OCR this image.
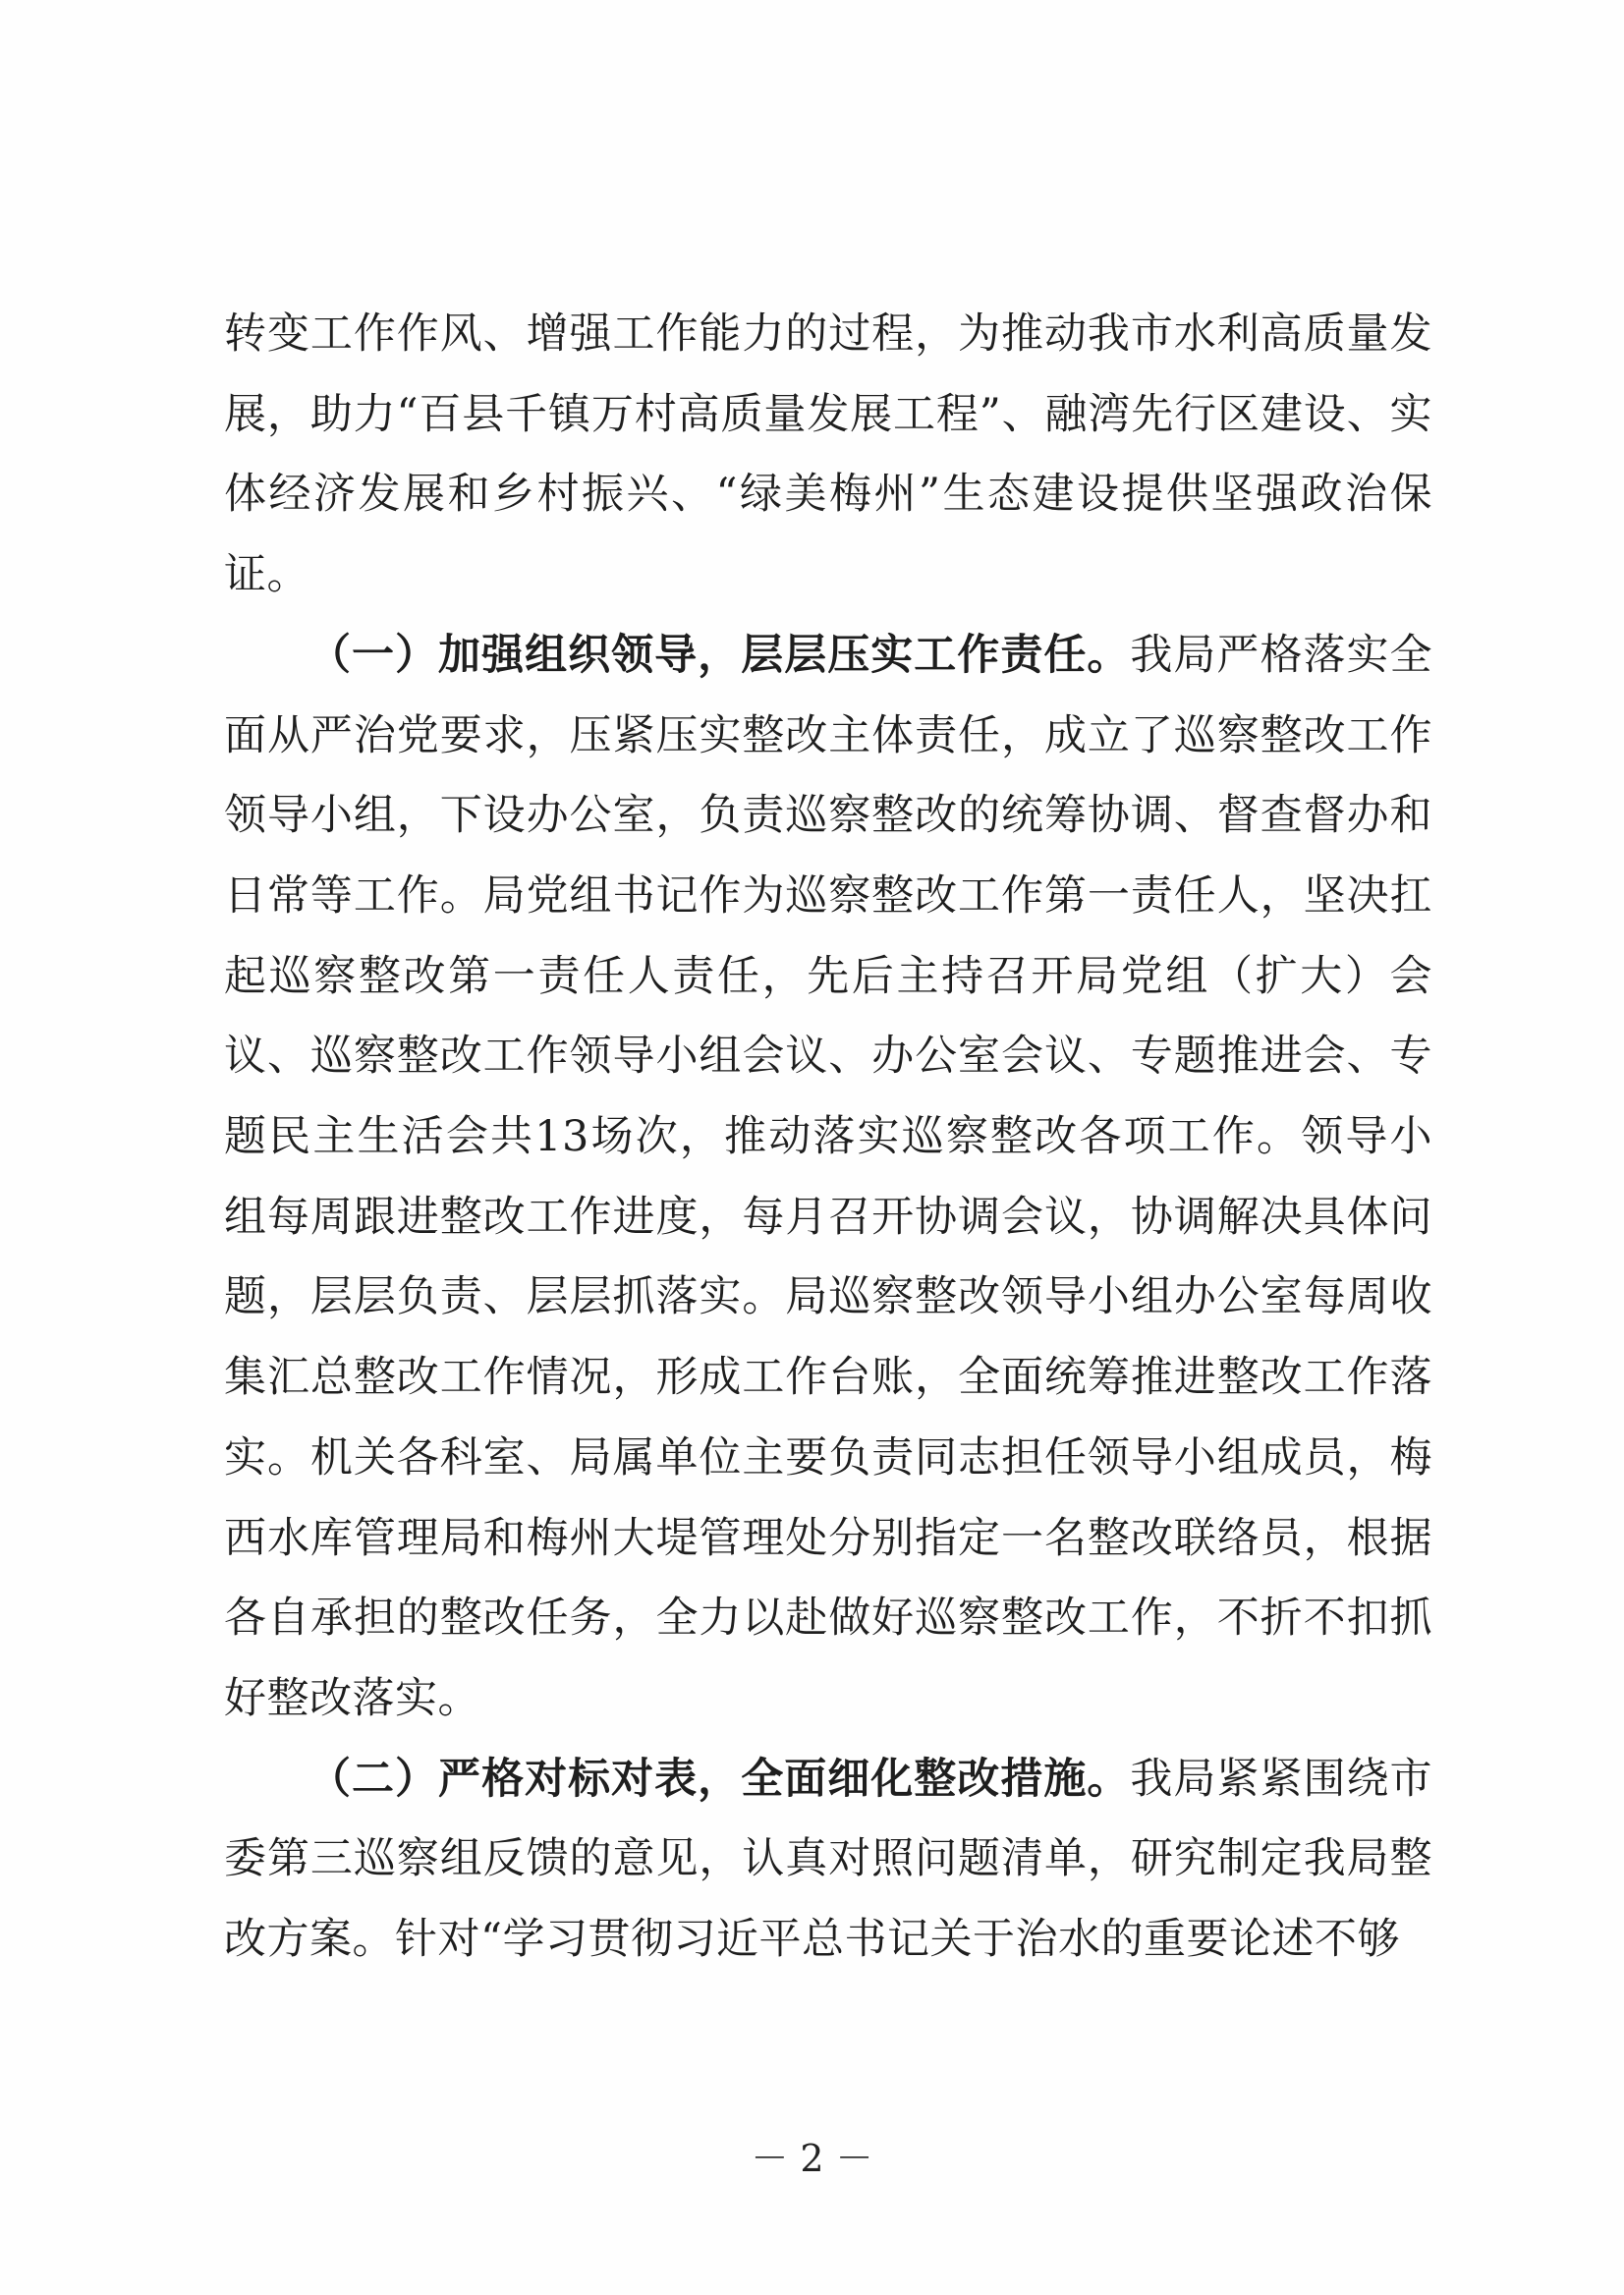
转变工作作风、增强工作能力的过程，为推动我市水利高质量发展，助力“百县千镇万村高质量发展工程”、融湾先行区建设、实体经济发展和乡村振兴、“绿美梅州”生态建设提供坚强政治保证。

（一）加强组织领导，层层压实工作责任。我局严格落实全面从严治党要求，压紧压实整改主体责任，成立了巡察整改工作领导小组，下设办公室，负责巡察整改的统筹协调、督查督办和日常等工作。局党组书记作为巡察整改工作第一责任人，坚决扛起巡察整改第一责任人责任，先后主持召开局党组（扩大）会议、巡察整改工作领导小组会议、办公室会议、专题推进会、专题民主生活会共13场次，推动落实巡察整改各项工作。领导小组每周跟进整改工作进度，每月召开协调会议，协调解决具体问题，层层负责、层层抓落实。局巡察整改领导小组办公室每周收集汇总整改工作情况，形成工作台账，全面统筹推进整改工作落实。机关各科室、局属单位主要负责同志担任领导小组成员，梅西水库管理局和梅州大堤管理处分别指定一名整改联络员，根据各自承担的整改任务，全力以赴做好巡察整改工作，不折不扣抓好整改落实。

（二）严格对标对表，全面细化整改措施。我局紧紧围绕市委第三巡察组反馈的意见，认真对照问题清单，研究制定我局整改方案。针对“学习贯彻习近平总书记关于治水的重要论述不够

－ 2 －
